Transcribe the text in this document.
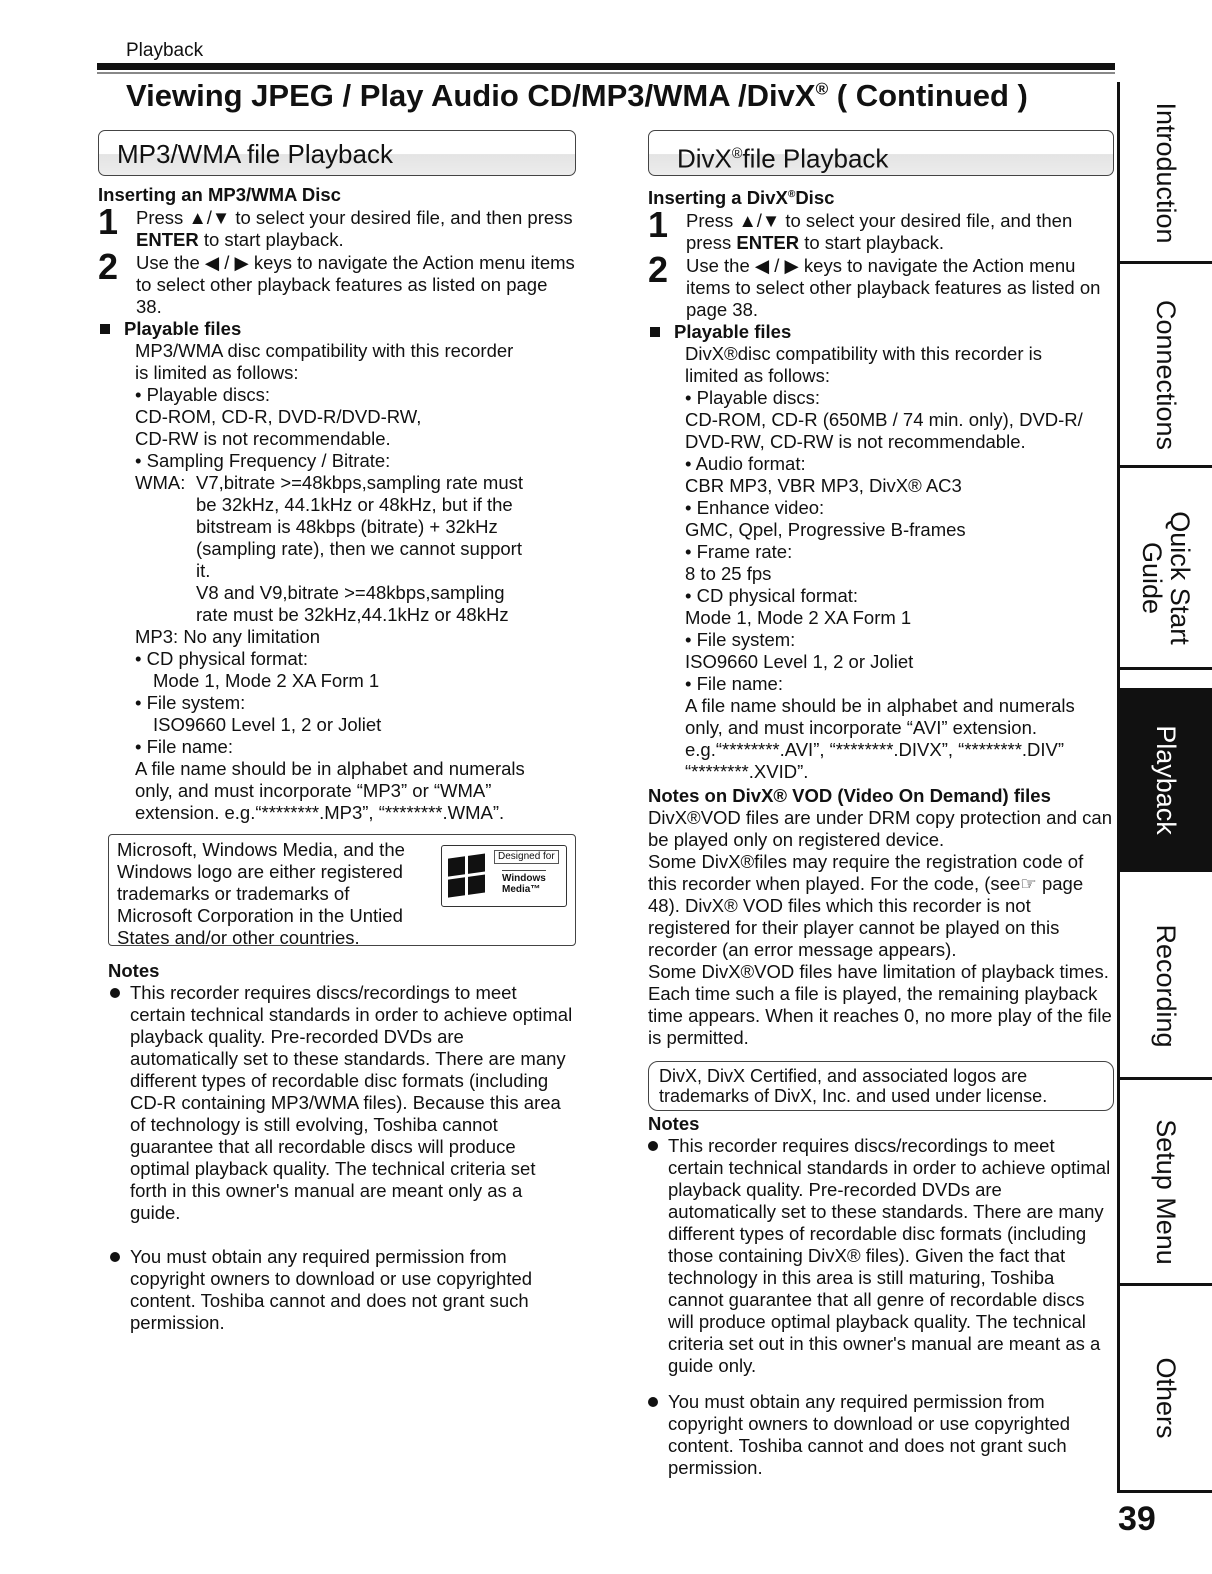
Playback
Viewing JPEG / Play Audio CD/MP3/WMA /DivX® ( Continued )
MP3/WMA file Playback
Inserting an MP3/WMA Disc
1 Press ▲/▼ to select your desired file, and then press ENTER to start playback.
2 Use the ◀ / ▶ keys to navigate the Action menu items to select other playback features as listed on page 38.
Playable files
MP3/WMA disc compatibility with this recorder
is limited as follows:
• Playable discs:
CD-ROM, CD-R, DVD-R/DVD-RW,
CD-RW is not recommendable.
• Sampling Frequency / Bitrate:
WMA: V7,bitrate >=48kbps,sampling rate must
be 32kHz, 44.1kHz or 48kHz, but if the
bitstream is 48kbps (bitrate) + 32kHz
(sampling rate), then we cannot support
it.
V8 and V9,bitrate >=48kbps,sampling
rate must be 32kHz,44.1kHz or 48kHz
MP3: No any limitation
• CD physical format:
Mode 1, Mode 2 XA Form 1
• File system:
ISO9660 Level 1, 2 or Joliet
• File name:
A file name should be in alphabet and numerals
only, and must incorporate “MP3” or “WMA”
extension. e.g.“********.MP3”, “********.WMA”.
Microsoft, Windows Media, and the
Windows logo are either registered
trademarks or trademarks of
Microsoft Corporation in the Untied
States and/or other countries.
Designed for
Windows
Media™
Notes
This recorder requires discs/recordings to meet certain technical standards in order to achieve optimal playback quality. Pre-recorded DVDs are automatically set to these standards. There are many different types of recordable disc formats (including CD-R containing MP3/WMA files). Because this area of technology is still evolving, Toshiba cannot guarantee that all recordable discs will produce optimal playback quality. The technical criteria set forth in this owner's manual are meant only as a guide.
You must obtain any required permission from copyright owners to download or use copyrighted content. Toshiba cannot and does not grant such permission.
DivX®file Playback
Inserting a DivX®Disc
1 Press ▲/▼ to select your desired file, and then press ENTER to start playback.
2 Use the ◀ / ▶ keys to navigate the Action menu items to select other playback features as listed on page 38.
Playable files
DivX®disc compatibility with this recorder is
limited as follows:
• Playable discs:
CD-ROM, CD-R (650MB / 74 min. only), DVD-R/
DVD-RW, CD-RW is not recommendable.
• Audio format:
CBR MP3, VBR MP3, DivX® AC3
• Enhance video:
GMC, Qpel, Progressive B-frames
• Frame rate:
8 to 25 fps
• CD physical format:
Mode 1, Mode 2 XA Form 1
• File system:
ISO9660 Level 1, 2 or Joliet
• File name:
A file name should be in alphabet and numerals
only, and must incorporate “AVI” extension.
e.g.“********.AVI”, “********.DIVX”, “********.DIV”
“********.XVID”.
Notes on DivX® VOD (Video On Demand) files
DivX®VOD files are under DRM copy protection and can be played only on registered device.
Some DivX®files may require the registration code of this recorder when played. For the code, (see☞ page 48). DivX® VOD files which this recorder is not registered for their player cannot be played on this recorder (an error message appears).
Some DivX®VOD files have limitation of playback times. Each time such a file is played, the remaining playback time appears. When it reaches 0, no more play of the file is permitted.
DivX, DivX Certified, and associated logos are trademarks of DivX, Inc. and used under license.
Notes
This recorder requires discs/recordings to meet certain technical standards in order to achieve optimal playback quality. Pre-recorded DVDs are automatically set to these standards. There are many different types of recordable disc formats (including those containing DivX® files). Given the fact that technology in this area is still maturing, Toshiba cannot guarantee that all genre of recordable discs will produce optimal playback quality. The technical criteria set out in this owner's manual are meant as a guide only.
You must obtain any required permission from copyright owners to download or use copyrighted content. Toshiba cannot and does not grant such permission.
Introduction
Connections
Quick Start
Guide
Playback
Recording
Setup Menu
Others
39
